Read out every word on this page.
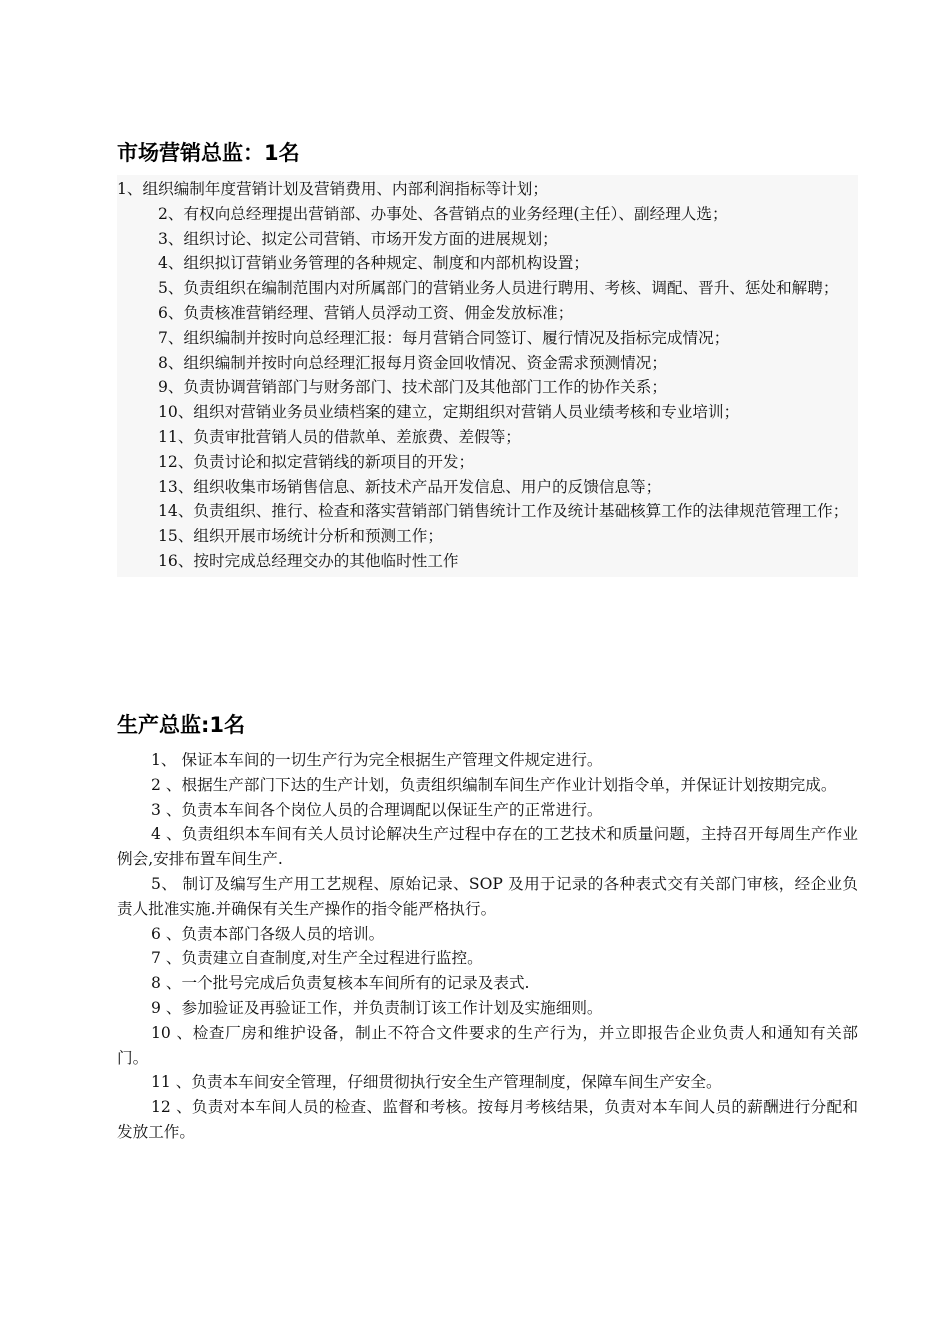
市场营销总监：1名

1、组织编制年度营销计划及营销费用、内部利润指标等计划；

2、有权向总经理提出营销部、办事处、各营销点的业务经理(主任）、副经理人选；

3、组织讨论、拟定公司营销、市场开发方面的进展规划；

4、组织拟订营销业务管理的各种规定、制度和内部机构设置；

5、负责组织在编制范围内对所属部门的营销业务人员进行聘用、考核、调配、晋升、惩处和解聘；

6、负责核准营销经理、营销人员浮动工资、佣金发放标准；

7、组织编制并按时向总经理汇报：每月营销合同签订、履行情况及指标完成情况；

8、组织编制并按时向总经理汇报每月资金回收情况、资金需求预测情况；

9、负责协调营销部门与财务部门、技术部门及其他部门工作的协作关系；

10、组织对营销业务员业绩档案的建立，定期组织对营销人员业绩考核和专业培训；

11、负责审批营销人员的借款单、差旅费、差假等；

12、负责讨论和拟定营销线的新项目的开发；

13、组织收集市场销售信息、新技术产品开发信息、用户的反馈信息等；

14、负责组织、推行、检查和落实营销部门销售统计工作及统计基础核算工作的法律规范管理工作；

15、组织开展市场统计分析和预测工作；

16、按时完成总经理交办的其他临时性工作

生产总监:1名

1、 保证本车间的一切生产行为完全根据生产管理文件规定进行。

2 、根据生产部门下达的生产计划，负责组织编制车间生产作业计划指令单，并保证计划按期完成。

3 、负责本车间各个岗位人员的合理调配以保证生产的正常进行。

4 、负责组织本车间有关人员讨论解决生产过程中存在的工艺技术和质量问题，主持召开每周生产作业例会,安排布置车间生产.

5、 制订及编写生产用工艺规程、原始记录、SOP 及用于记录的各种表式交有关部门审核，经企业负责人批准实施.并确保有关生产操作的指令能严格执行。

6 、负责本部门各级人员的培训。

7 、负责建立自查制度,对生产全过程进行监控。

8 、一个批号完成后负责复核本车间所有的记录及表式.

9 、参加验证及再验证工作，并负责制订该工作计划及实施细则。

10 、检查厂房和维护设备，制止不符合文件要求的生产行为，并立即报告企业负责人和通知有关部门。

11 、负责本车间安全管理，仔细贯彻执行安全生产管理制度，保障车间生产安全。

12 、负责对本车间人员的检查、监督和考核。按每月考核结果，负责对本车间人员的薪酬进行分配和发放工作。
